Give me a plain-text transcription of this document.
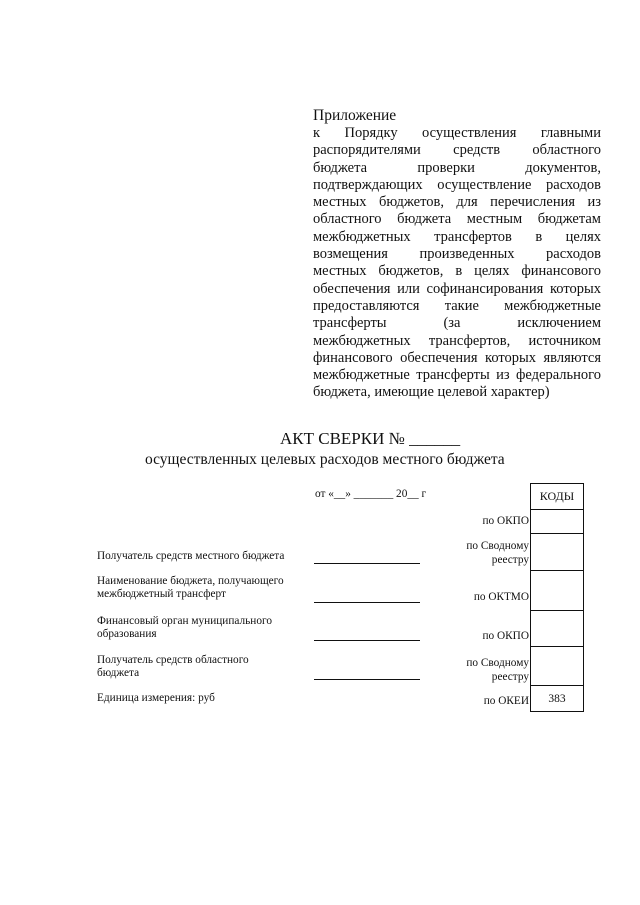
Приложение
к Порядку осуществления главными
распорядителями средств областного
бюджета проверки документов,
подтверждающих осуществление расходов
местных бюджетов, для перечисления из
областного бюджета местным бюджетам
межбюджетных трансфертов в целях
возмещения произведенных расходов
местных бюджетов, в целях финансового
обеспечения или софинансирования которых
предоставляются такие межбюджетные
трансферты (за исключением
межбюджетных трансфертов, источником
финансового обеспечения которых являются
межбюджетные трансферты из федерального
бюджета, имеющие целевой характер)
АКТ СВЕРКИ № ______
осуществленных целевых расходов местного бюджета
от «__» _______ 20__ г
Получатель средств местного бюджета
Наименование бюджета, получающего
межбюджетный трансферт
Финансовый орган муниципального
образования
Получатель средств областного
бюджета
Единица измерения: руб
по ОКПО
по Сводному
реестру
по ОКТМО
по ОКПО
по Сводному
реестру
по ОКЕИ
КОДЫ
383
